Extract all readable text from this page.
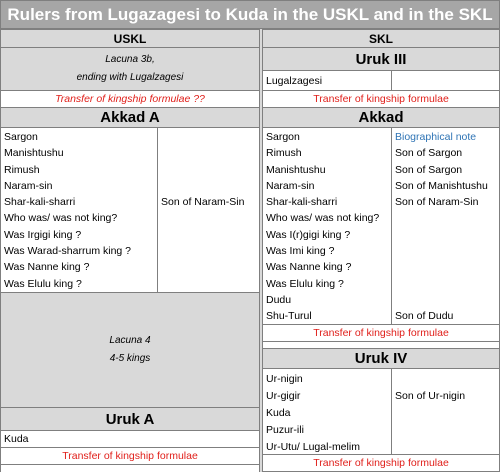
Rulers from Lugazagesi to Kuda in the USKL and in the SKL
USKL
Lacuna 3b,
ending with Lugalzagesi
Transfer of kingship formulae ??
Akkad A
Sargon
Manishtushu
Rimush
Naram-sin
Shar-kali-sharri
Who was/ was not king?
Was Irgigi king ?
Was Warad-sharrum king ?
Was Nanne king ?
Was Elulu king ?
Son of Naram-Sin
Lacuna 4
4-5 kings
Uruk A
Kuda
Transfer of kingship formulae
SKL
Uruk III
Lugalzagesi
Transfer of kingship formulae
Akkad
Sargon
Rimush
Manishtushu
Naram-sin
Shar-kali-sharri
Who was/ was not king?
Was I(r)gigi king ?
Was Imi king ?
Was Nanne king ?
Was Elulu king ?
Dudu
Shu-Turul
Biographical note
Son of Sargon
Son of Sargon
Son of Manishtushu
Son of Naram-Sin
Son of Dudu
Transfer of kingship formulae
Uruk IV
Ur-nigin
Ur-gigir
Kuda
Puzur-ili
Ur-Utu/ Lugal-melim
Son of Ur-nigin
Transfer of kingship formulae
